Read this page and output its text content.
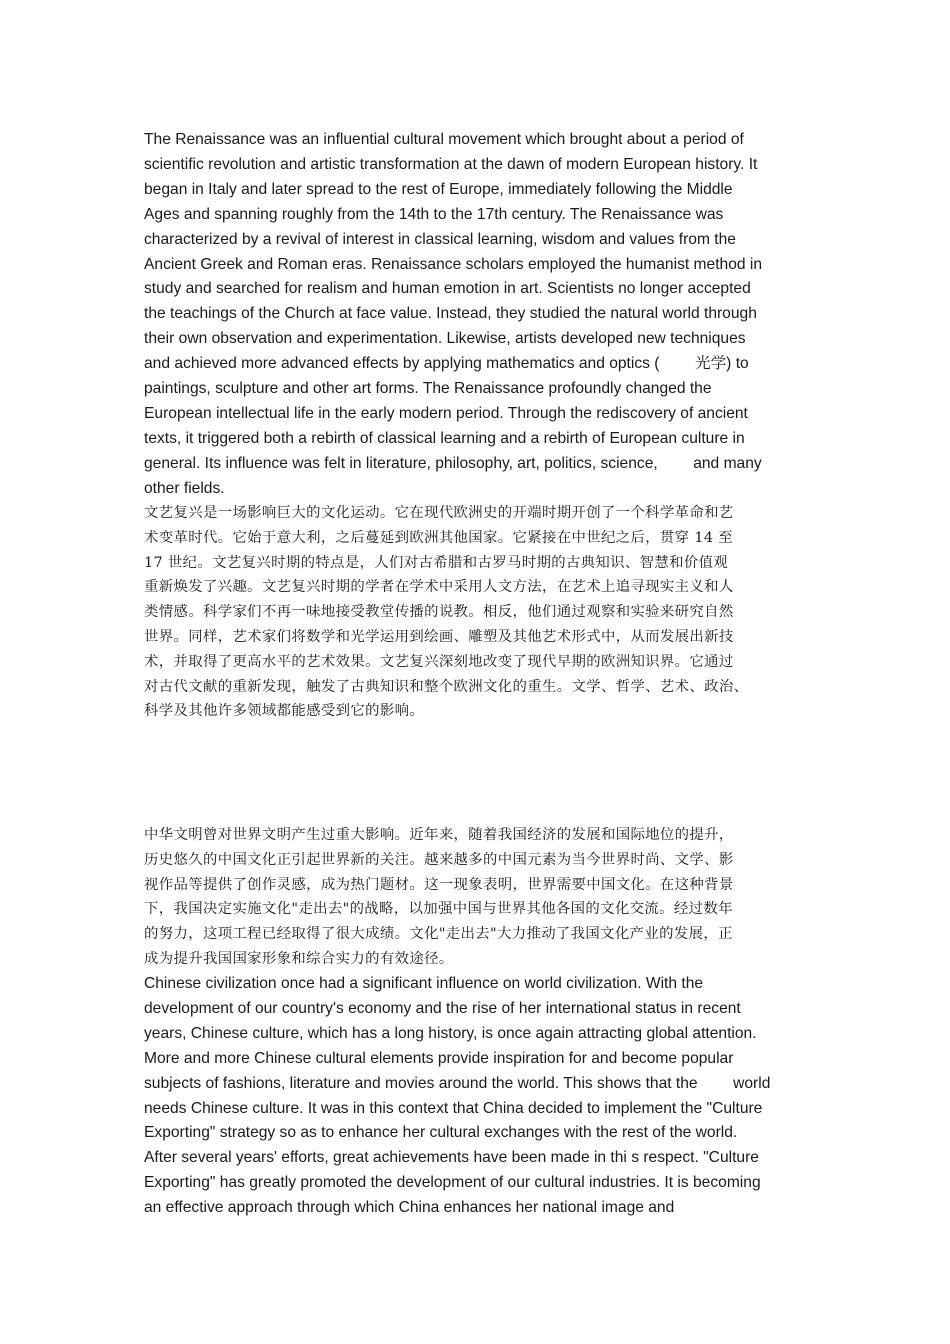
The Renaissance was an influential cultural movement which brought about a period of
scientific revolution and artistic transformation at the dawn of modern European history. It
began in Italy and later spread to the rest of Europe, immediately following the Middle
Ages and spanning roughly from the 14th to the 17th century. The Renaissance was
characterized by a revival of interest in classical learning, wisdom and values from the
Ancient Greek and Roman eras. Renaissance scholars employed the humanist method in
study and searched for realism and human emotion in art. Scientists no longer accepted
the teachings of the Church at face value. Instead, they studied the natural world through
their own observation and experimentation. Likewise, artists developed new techniques
and achieved more advanced effects by applying mathematics and optics (   光学) to
paintings, sculpture and other art forms. The Renaissance profoundly changed the
European intellectual life in the early modern period. Through the rediscovery of ancient
texts, it triggered both a rebirth of classical learning and a rebirth of European culture in
general. Its influence was felt in literature, philosophy, art, politics, science,   and many
other fields.
文艺复兴是一场影响巨大的文化运动。它在现代欧洲史的开端时期开创了一个科学革命和艺
术变革时代。它始于意大利，之后蔓延到欧洲其他国家。它紧接在中世纪之后，贯穿 14 至
17 世纪。文艺复兴时期的特点是，人们对古希腊和古罗马时期的古典知识、智慧和价值观
重新焕发了兴趣。文艺复兴时期的学者在学术中采用人文方法，在艺术上追寻现实主义和人
类情感。科学家们不再一味地接受教堂传播的说教。相反，他们通过观察和实验来研究自然
世界。同样，艺术家们将数学和光学运用到绘画、雕塑及其他艺术形式中，从而发展出新技
术，并取得了更高水平的艺术效果。文艺复兴深刻地改变了现代早期的欧洲知识界。它通过
对古代文献的重新发现，触发了古典知识和整个欧洲文化的重生。文学、哲学、艺术、政治、
科学及其他许多领域都能感受到它的影响。
中华文明曾对世界文明产生过重大影响。近年来，随着我国经济的发展和国际地位的提升，
历史悠久的中国文化正引起世界新的关注。越来越多的中国元素为当今世界时尚、文学、影
视作品等提供了创作灵感，成为热门题材。这一现象表明，世界需要中国文化。在这种背景
下，我国决定实施文化"走出去"的战略，以加强中国与世界其他各国的文化交流。经过数年
的努力，这项工程已经取得了很大成绩。文化"走出去"大力推动了我国文化产业的发展，正
成为提升我国国家形象和综合实力的有效途径。
Chinese civilization once had a significant influence on world civilization. With the
development of our country's economy and the rise of her international status in recent
years, Chinese culture, which has a long history, is once again attracting global attention.
More and more Chinese cultural elements provide inspiration for and become popular
subjects of fashions, literature and movies around the world. This shows that the   world
needs Chinese culture. It was in this context that China decided to implement the "Culture
Exporting" strategy so as to enhance her cultural exchanges with the rest of the world.
After several years' efforts, great achievements have been made in thi s respect. "Culture
Exporting" has greatly promoted the development of our cultural industries. It is becoming
an effective approach through which China enhances her national image and
